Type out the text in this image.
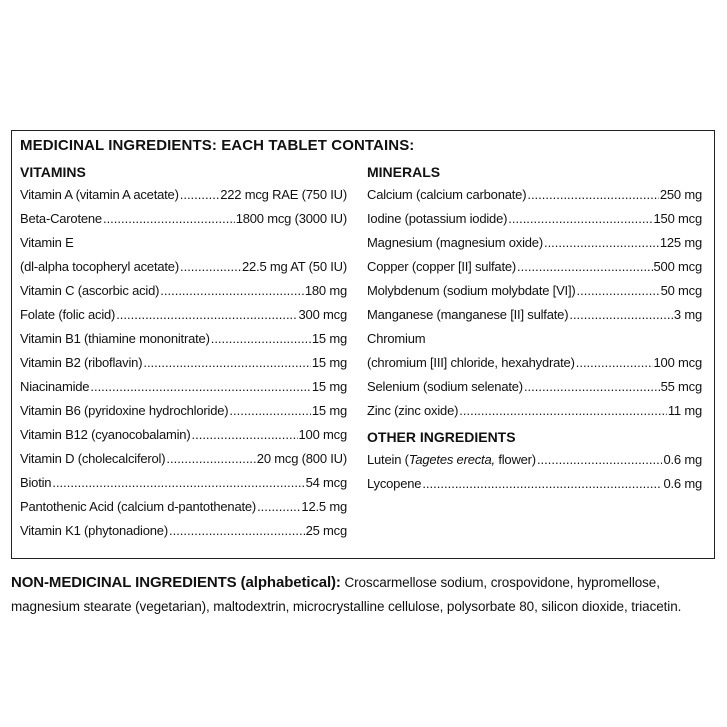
MEDICINAL INGREDIENTS: EACH TABLET CONTAINS:
VITAMINS
Vitamin A (vitamin A acetate) .....	222 mcg RAE (750 IU)
Beta-Carotene .....	1800 mcg (3000 IU)
Vitamin E
(dl-alpha tocopheryl acetate) .....	22.5 mg AT (50 IU)
Vitamin C (ascorbic acid) .....	180 mg
Folate (folic acid) .....	300 mcg
Vitamin B1 (thiamine mononitrate) .....	15 mg
Vitamin B2 (riboflavin) .....	15 mg
Niacinamide .....	15 mg
Vitamin B6 (pyridoxine hydrochloride) .....	15 mg
Vitamin B12 (cyanocobalamin) .....	100 mcg
Vitamin D (cholecalciferol) .....	20 mcg (800 IU)
Biotin .....	54 mcg
Pantothenic Acid (calcium d-pantothenate) .....	12.5 mg
Vitamin K1 (phytonadione) .....	25 mcg
MINERALS
Calcium (calcium carbonate) .....	250 mg
Iodine (potassium iodide) .....	150 mcg
Magnesium (magnesium oxide) .....	125 mg
Copper (copper [II] sulfate) .....	500 mcg
Molybdenum (sodium molybdate [VI]) .....	50 mcg
Manganese (manganese [II] sulfate) .....	3 mg
Chromium
(chromium [III] chloride, hexahydrate) .....	100 mcg
Selenium (sodium selenate) .....	55 mcg
Zinc (zinc oxide) .....	11 mg
OTHER INGREDIENTS
Lutein (Tagetes erecta, flower) .....	0.6 mg
Lycopene .....	0.6 mg
NON-MEDICINAL INGREDIENTS (alphabetical): Croscarmellose sodium, crospovidone, hypromellose, magnesium stearate (vegetarian), maltodextrin, microcrystalline cellulose, polysorbate 80, silicon dioxide, triacetin.
